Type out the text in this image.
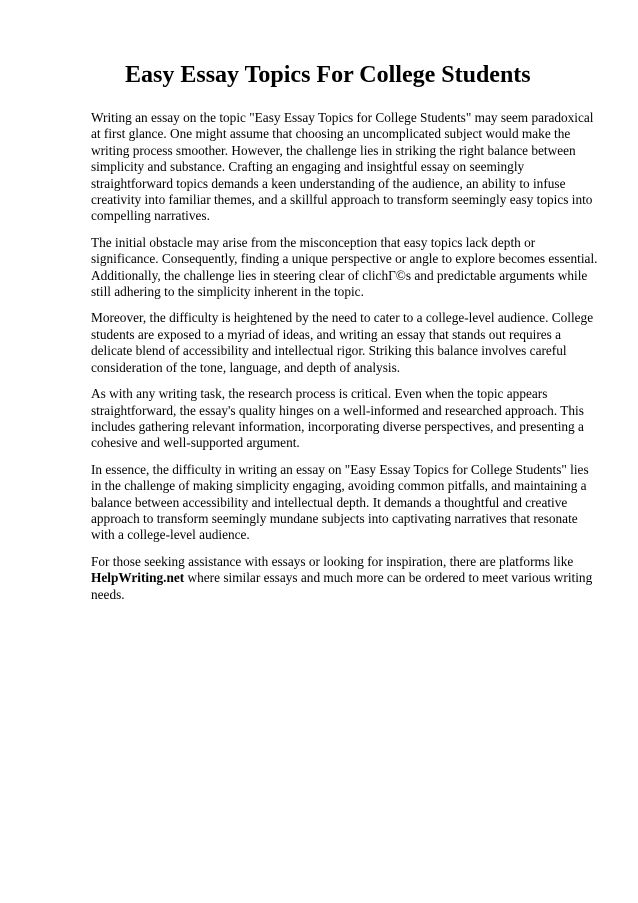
Easy Essay Topics For College Students

Writing an essay on the topic "Easy Essay Topics for College Students" may seem paradoxical at first glance. One might assume that choosing an uncomplicated subject would make the writing process smoother. However, the challenge lies in striking the right balance between simplicity and substance. Crafting an engaging and insightful essay on seemingly straightforward topics demands a keen understanding of the audience, an ability to infuse creativity into familiar themes, and a skillful approach to transform seemingly easy topics into compelling narratives.

The initial obstacle may arise from the misconception that easy topics lack depth or significance. Consequently, finding a unique perspective or angle to explore becomes essential. Additionally, the challenge lies in steering clear of clichГ©s and predictable arguments while still adhering to the simplicity inherent in the topic.

Moreover, the difficulty is heightened by the need to cater to a college-level audience. College students are exposed to a myriad of ideas, and writing an essay that stands out requires a delicate blend of accessibility and intellectual rigor. Striking this balance involves careful consideration of the tone, language, and depth of analysis.

As with any writing task, the research process is critical. Even when the topic appears straightforward, the essay's quality hinges on a well-informed and researched approach. This includes gathering relevant information, incorporating diverse perspectives, and presenting a cohesive and well-supported argument.

In essence, the difficulty in writing an essay on "Easy Essay Topics for College Students" lies in the challenge of making simplicity engaging, avoiding common pitfalls, and maintaining a balance between accessibility and intellectual depth. It demands a thoughtful and creative approach to transform seemingly mundane subjects into captivating narratives that resonate with a college-level audience.

For those seeking assistance with essays or looking for inspiration, there are platforms like HelpWriting.net where similar essays and much more can be ordered to meet various writing needs.
